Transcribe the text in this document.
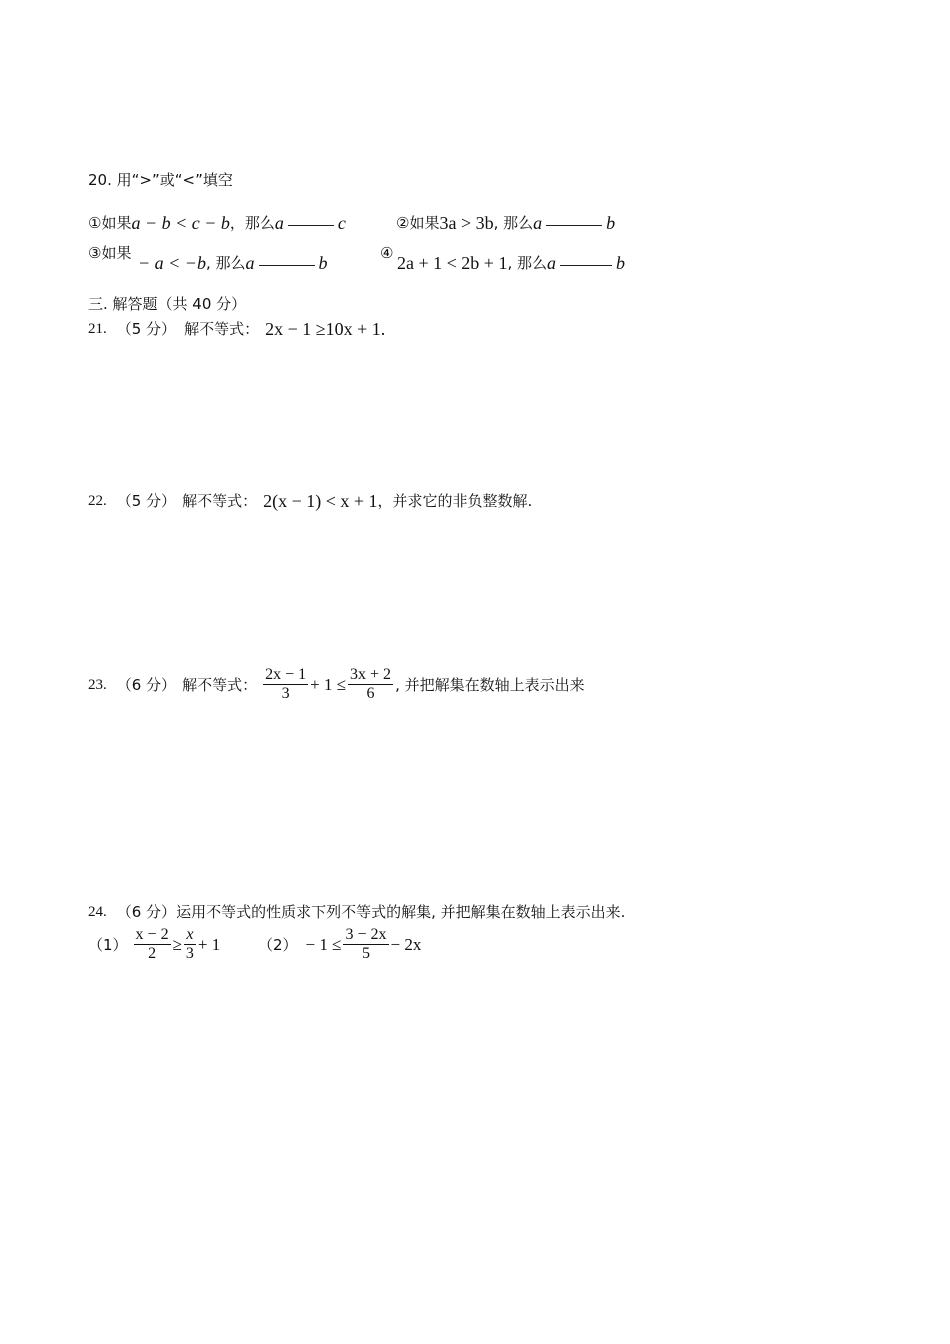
20. 用“>”或“<”填空
①如果 a − b < c − b ，那么 a	c	②如果 3a > 3b , 那么 a	b
③如果 − a < −b , 那么 a	b	④ 2a + 1 < 2b + 1 , 那么 a	b
三. 解答题（共 40 分）
21. （5 分） 解不等式： 2x − 1 ≥10x + 1 .
22. （5 分） 解不等式： 2(x − 1) < x + 1 ，并求它的非负整数解.
23. （6 分） 解不等式： $\frac{2x - 1}{3} + 1 \le \frac{3x + 2}{6}$ , 并把解集在数轴上表示出来
24. （6 分） 运用不等式的性质求下列不等式的解集, 并把解集在数轴上表示出来.
$(1) \frac{x - 2}{2} \ge \frac{x}{3} + 1$	$(2) - 1 \le \frac{3 - 2x}{5} - 2x$
